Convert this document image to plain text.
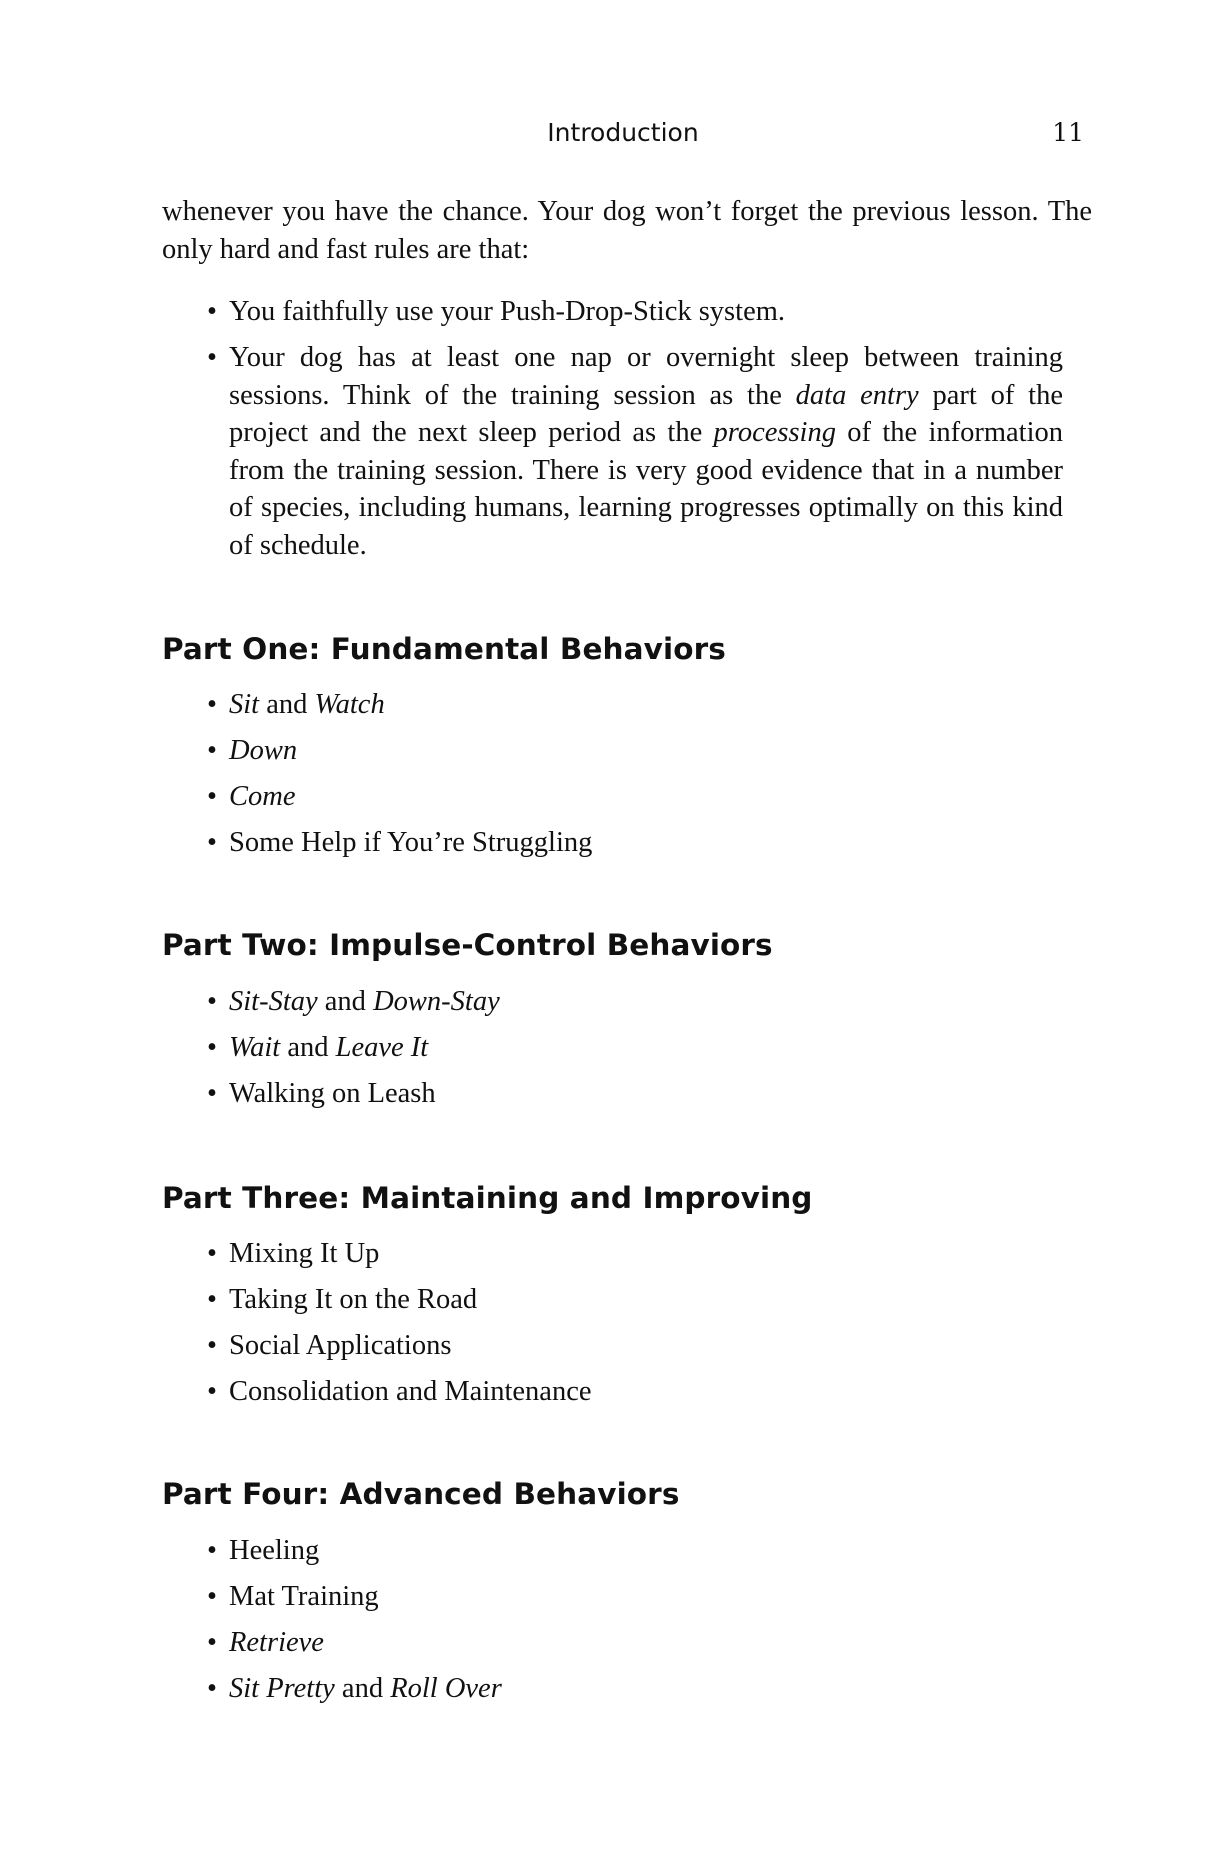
Introduction	11

whenever you have the chance. Your dog won’t forget the previous lesson. The only hard and fast rules are that:

• You faithfully use your Push-Drop-Stick system.
• Your dog has at least one nap or overnight sleep between training sessions. Think of the training session as the data entry part of the project and the next sleep period as the processing of the information from the training session. There is very good evidence that in a number of species, including humans, learning progresses optimally on this kind of schedule.
Part One: Fundamental Behaviors
• Sit and Watch
• Down
• Come
• Some Help if You’re Struggling
Part Two: Impulse-Control Behaviors
• Sit-Stay and Down-Stay
• Wait and Leave It
• Walking on Leash
Part Three: Maintaining and Improving
• Mixing It Up
• Taking It on the Road
• Social Applications
• Consolidation and Maintenance
Part Four: Advanced Behaviors
• Heeling
• Mat Training
• Retrieve
• Sit Pretty and Roll Over
